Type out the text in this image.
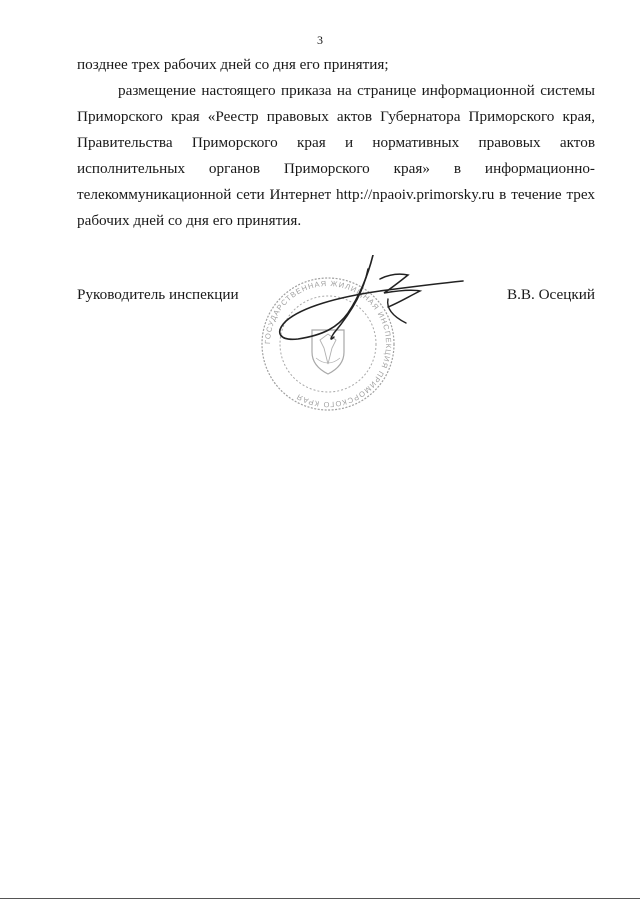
3

позднее трех рабочих дней со дня его принятия;

размещение настоящего приказа на странице информационной системы Приморского края «Реестр правовых актов Губернатора Приморского края, Правительства Приморского края и нормативных правовых актов исполнительных органов Приморского края» в информационно-телекоммуникационной сети Интернет http://npaoiv.primorsky.ru в течение трех рабочих дней со дня его принятия.

Руководитель инспекции	В.В. Осецкий
ГОСУДАРСТВЕННАЯ ЖИЛИЩНАЯ ИНСПЕКЦИЯ ПРИМОРСКОГО КРАЯ
